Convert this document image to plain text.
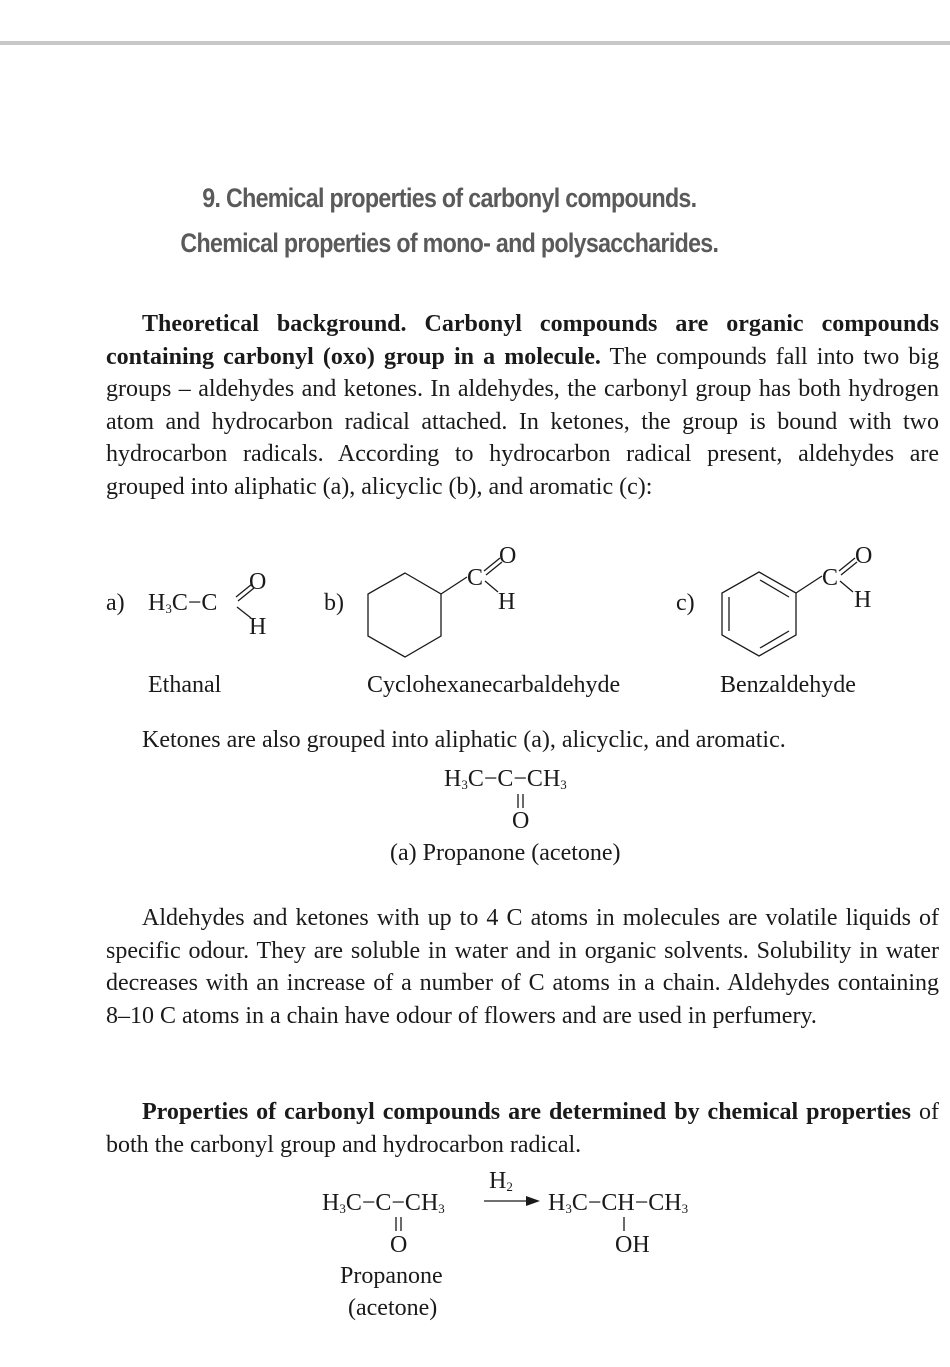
9. Chemical properties of carbonyl compounds.
Chemical properties of mono- and polysaccharides.

Theoretical background. Carbonyl compounds are organic compounds containing carbonyl (oxo) group in a molecule. The compounds fall into two big groups – aldehydes and ketones. In aldehydes, the carbonyl group has both hydrogen atom and hydrocarbon radical attached. In ketones, the group is bound with two hydrocarbon radicals. According to hydrocarbon radical present, aldehydes are grouped into aliphatic (a), alicyclic (b), and aromatic (c):

a) $H_3C-C$
O
H
b)
C
O
H	c)
C
O
H
Ethanal	Cyclohexanecarbaldehyde	Benzaldehyde
Ketones are also grouped into aliphatic (a), alicyclic, and aromatic.
$H_3C-C-CH_3$
O
(a) Propanone (acetone)

Aldehydes and ketones with up to 4 C atoms in molecules are volatile liquids of specific odour. They are soluble in water and in organic solvents. Solubility in water decreases with an increase of a number of C atoms in a chain. Aldehydes containing 8–10 C atoms in a chain have odour of flowers and are used in perfumery.

Properties of carbonyl compounds are determined by chemical properties of both the carbonyl group and hydrocarbon radical.

$H_3C-C-CH_3$
$H_2$
$H_3C-CH-CH_3$
O	OH
Propanone
(acetone)
